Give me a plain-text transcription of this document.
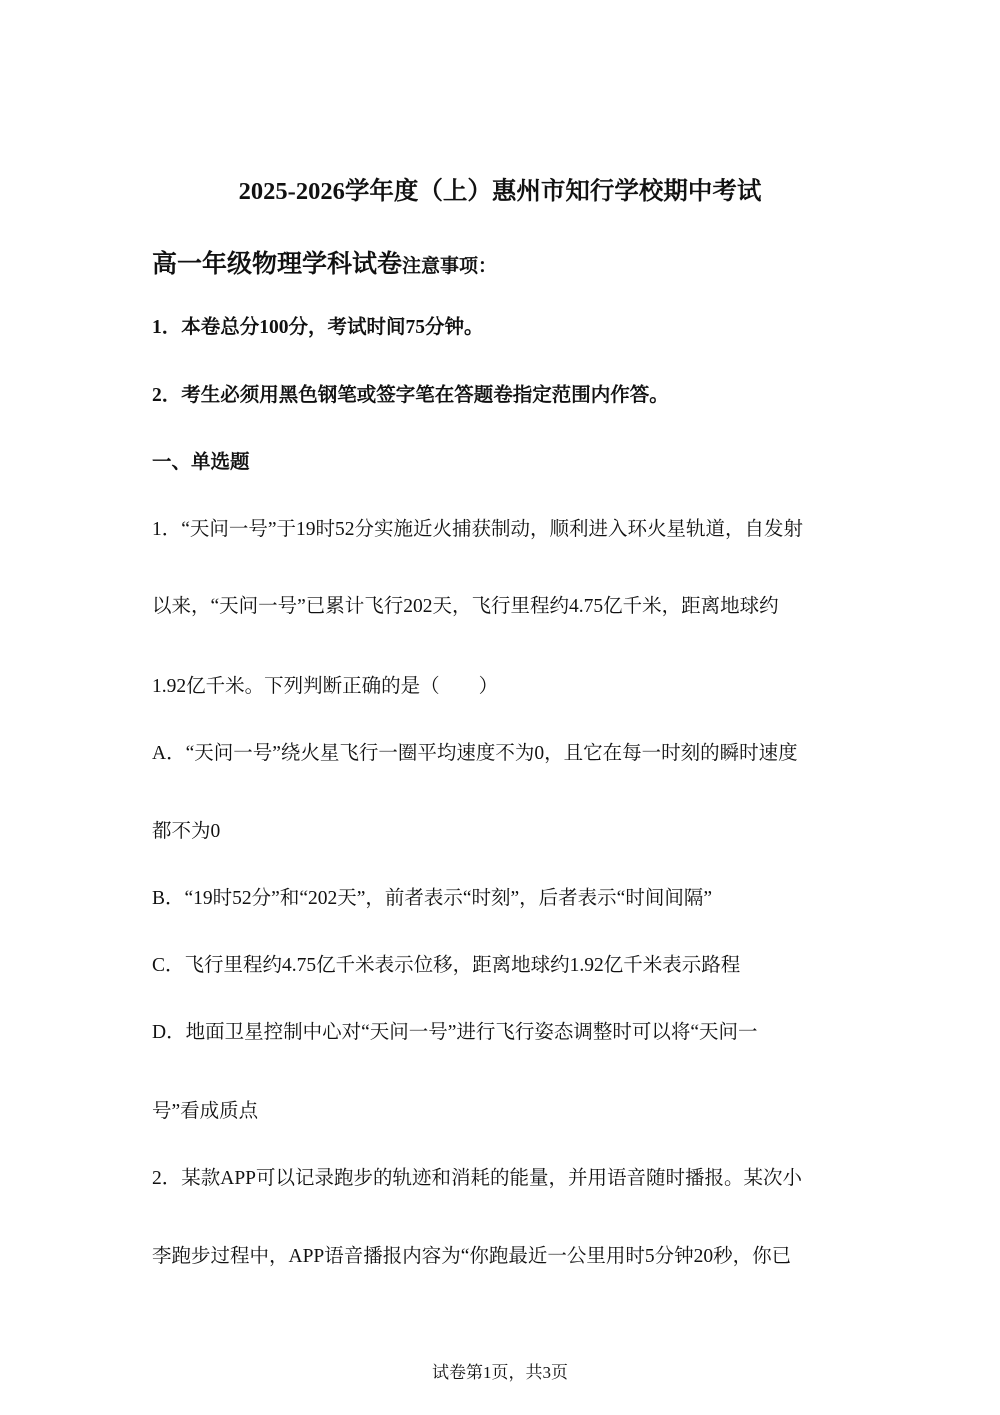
2025-2026学年度（上）惠州市知行学校期中考试
高一年级物理学科试卷注意事项：
1．本卷总分100分，考试时间75分钟。
2．考生必须用黑色钢笔或签字笔在答题卷指定范围内作答。
一、单选题
1．“天问一号”于19时52分实施近火捕获制动，顺利进入环火星轨道，自发射
以来，“天问一号”已累计飞行202天，飞行里程约4.75亿千米，距离地球约
1.92亿千米。下列判断正确的是（　　）
A．“天问一号”绕火星飞行一圈平均速度不为0，且它在每一时刻的瞬时速度
都不为0
B．“19时52分”和“202天”，前者表示“时刻”，后者表示“时间间隔”
C．飞行里程约4.75亿千米表示位移，距离地球约1.92亿千米表示路程
D．地面卫星控制中心对“天问一号”进行飞行姿态调整时可以将“天问一
号”看成质点
2．某款APP可以记录跑步的轨迹和消耗的能量，并用语音随时播报。某次小
李跑步过程中，APP语音播报内容为“你跑最近一公里用时5分钟20秒，你已
试卷第1页，共3页
